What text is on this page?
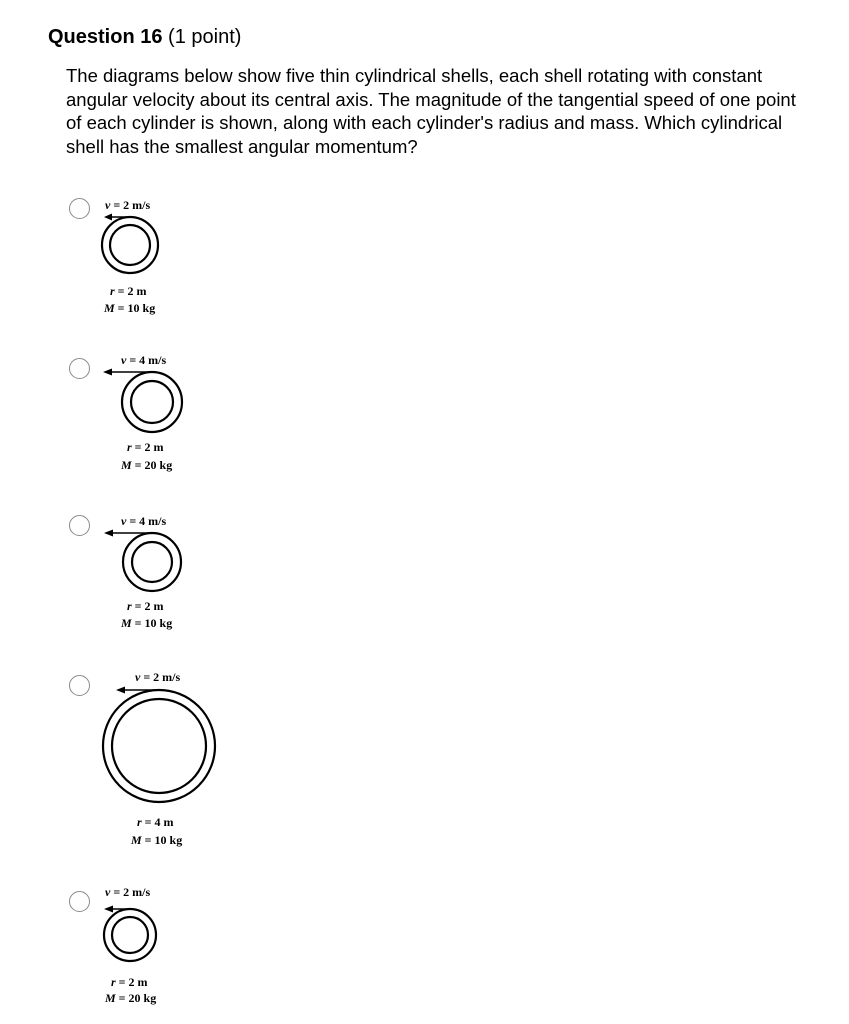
Question 16 (1 point)
The diagrams below show five thin cylindrical shells, each shell rotating with constant angular velocity about its central axis. The magnitude of the tangential speed of one point of each cylinder is shown, along with each cylinder's radius and mass. Which cylindrical shell has the smallest angular momentum?
v = 2 m/s
r = 2 m
M = 10 kg
v = 4 m/s
r = 2 m
M = 20 kg
v = 4 m/s
r = 2 m
M = 10 kg
v = 2 m/s
r = 4 m
M = 10 kg
v = 2 m/s
r = 2 m
M = 20 kg
